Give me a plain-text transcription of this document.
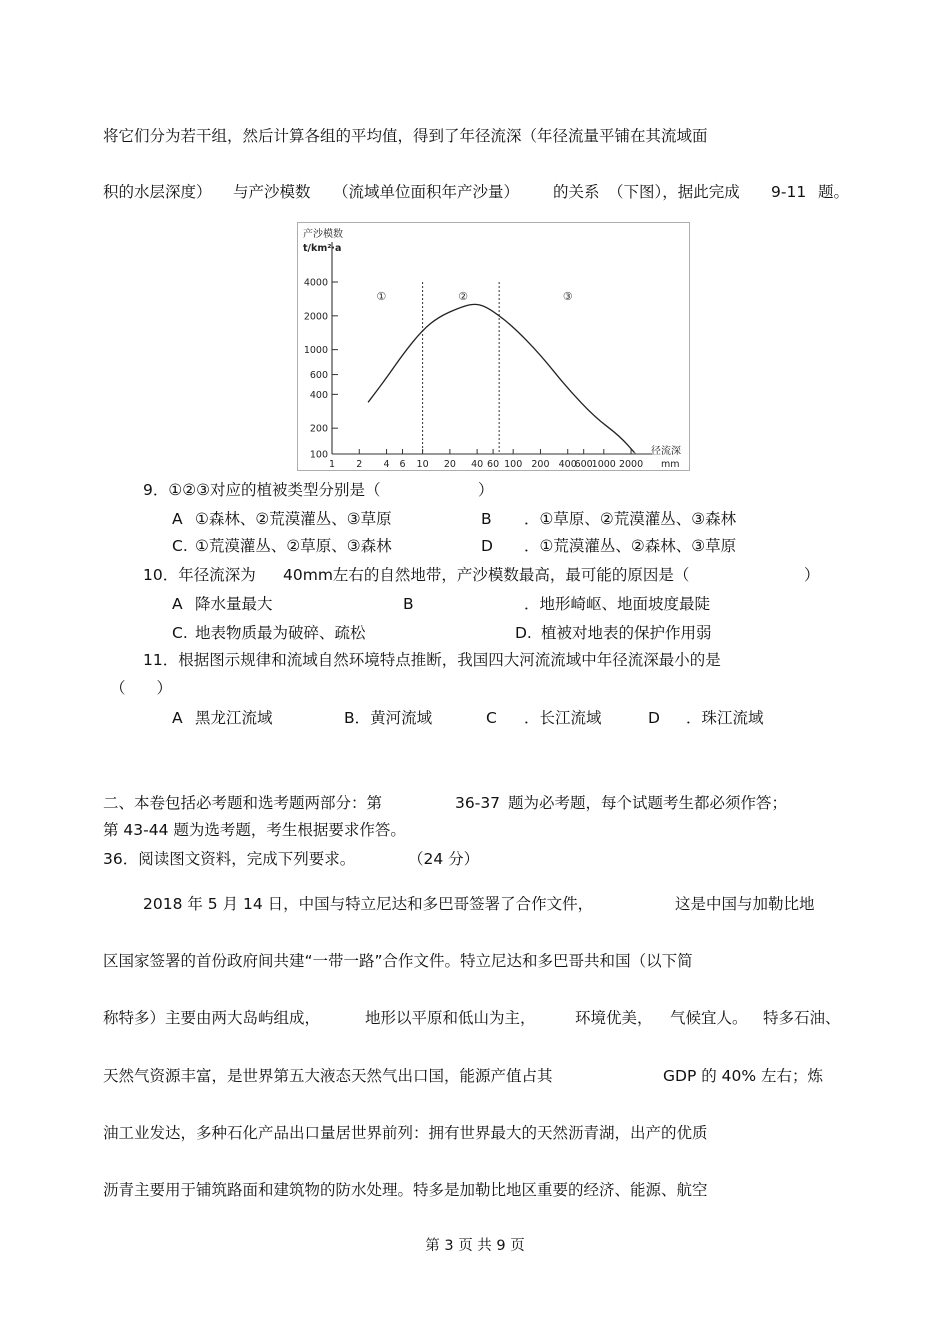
将它们分为若干组，然后计算各组的平均值，得到了年径流深（年径流量平铺在其流域面
积的水层深度） 与产沙模数 （流域单位面积年产沙量） 的关系 （下图），据此完成 9-11 题。
产沙模数
t/km²·a
径流深
mm
4000
2000
1000
600
400
200
100
1 2 4 6 10 20 40 60 100 200 400
600
1000 2000
①	②	③
9．①②③对应的植被类型分别是（	）
A ①森林、②荒漠灌丛、③草原	B ．①草原、②荒漠灌丛、③森林
C. ①荒漠灌丛、②草原、③森林	D ．①荒漠灌丛、②森林、③草原
10．年径流深为 40mm左右的自然地带，产沙模数最高，最可能的原因是（	）
A 降水量最大	B	．地形崎岖、地面坡度最陡
C. 地表物质最为破碎、疏松	D. 植被对地表的保护作用弱
11．根据图示规律和流域自然环境特点推断，我国四大河流流域中年径流深最小的是
（　　）
A 黑龙江流域	B．黄河流域	C ．长江流域	D ．珠江流域
二、本卷包括必考题和选考题两部分：第	36-37 题为必考题，每个试题考生都必须作答；
第 43-44 题为选考题，考生根据要求作答。
36．阅读图文资料，完成下列要求。	（24 分）
2018 年 5 月 14 日，中国与特立尼达和多巴哥签署了合作文件，	这是中国与加勒比地
区国家签署的首份政府间共建“一带一路”合作文件。特立尼达和多巴哥共和国（以下简
称特多）主要由两大岛屿组成，	地形以平原和低山为主，	环境优美， 气候宜人。 特多石油、
天然气资源丰富，是世界第五大液态天然气出口国，能源产值占其	GDP 的 40% 左右；炼
油工业发达，多种石化产品出口量居世界前列：拥有世界最大的天然沥青湖，出产的优质
沥青主要用于铺筑路面和建筑物的防水处理。特多是加勒比地区重要的经济、能源、航空
第 3 页 共 9 页
